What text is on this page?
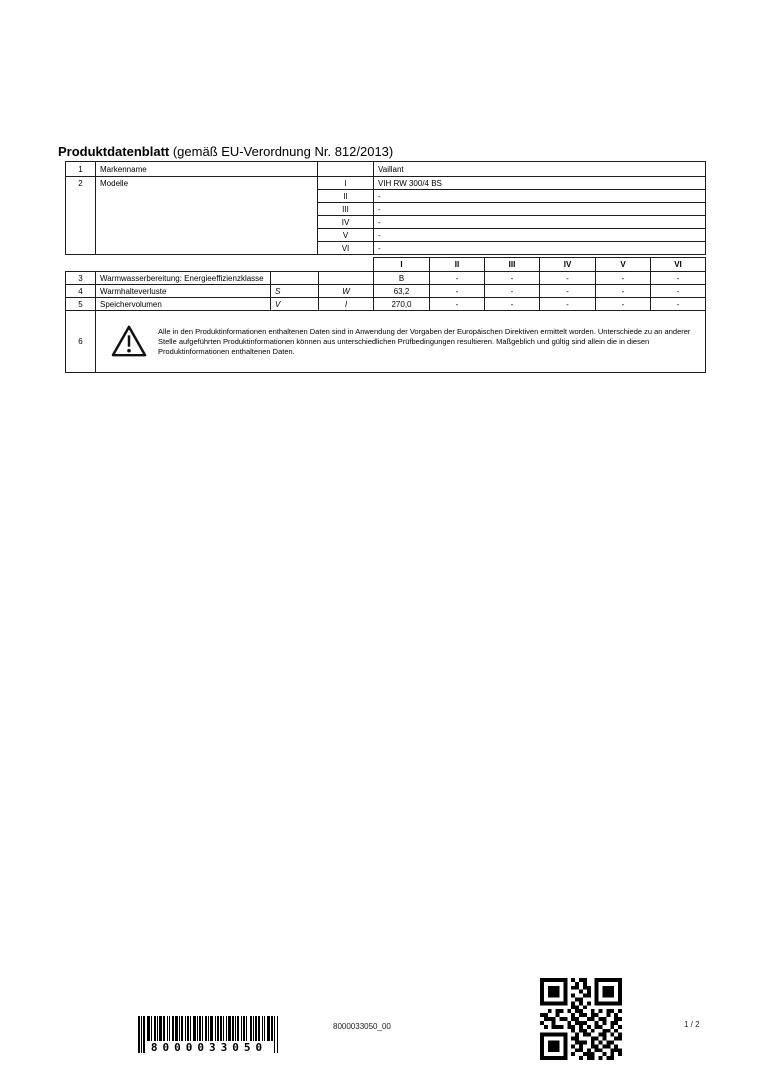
Produktdatenblatt (gemäß EU-Verordnung Nr. 812/2013)
1	Markenname		Vaillant
2	Modelle	I	VIH RW 300/4 BS
		II	-
		III	-
		IV	-
		V	-
		VI	-
				I	II	III	IV	V	VI
3	Warmwasserbereitung: Energieeffizienzklasse			B	-	-	-	-	-
4	Warmhalteverluste	S	W	63,2	-	-	-	-	-
5	Speichervolumen	V	l	270,0	-	-	-	-	-
6	Alle in den Produktinformationen enthaltenen Daten sind in Anwendung der Vorgaben der Europäischen Direktiven ermittelt worden. Unterschiede zu an anderer Stelle aufgeführten Produktinformationen können aus unterschiedlichen Prüfbedingungen resultieren. Maßgeblich und gültig sind allein die in diesen Produktinformationen enthaltenen Daten.								
8000033050
8000033050_00	1 / 2
